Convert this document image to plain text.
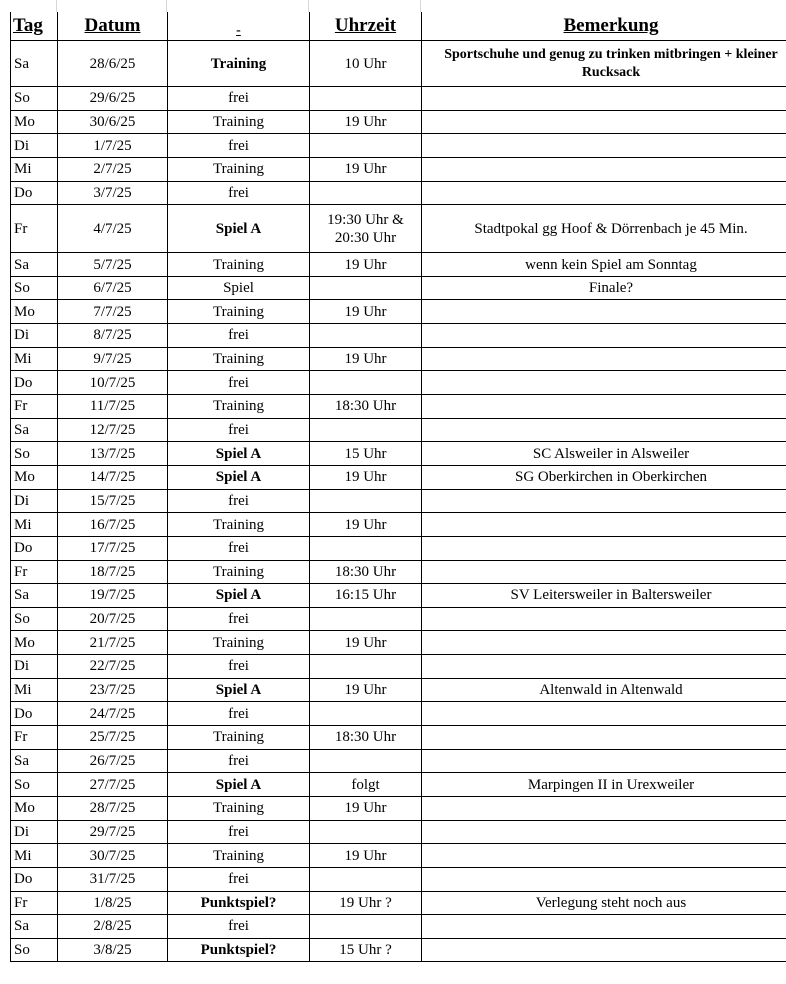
Tag	Datum	-	Uhrzeit	Bemerkung
Sa	28/6/25	Training	10 Uhr	Sportschuhe und genug zu trinken mitbringen + kleiner Rucksack
So	29/6/25	frei		
Mo	30/6/25	Training	19 Uhr	
Di	1/7/25	frei		
Mi	2/7/25	Training	19 Uhr	
Do	3/7/25	frei		
Fr	4/7/25	Spiel A	19:30 Uhr & 20:30 Uhr	Stadtpokal gg Hoof & Dörrenbach je 45 Min.
Sa	5/7/25	Training	19 Uhr	wenn kein Spiel am Sonntag
So	6/7/25	Spiel		Finale?
Mo	7/7/25	Training	19 Uhr	
Di	8/7/25	frei		
Mi	9/7/25	Training	19 Uhr	
Do	10/7/25	frei		
Fr	11/7/25	Training	18:30 Uhr	
Sa	12/7/25	frei		
So	13/7/25	Spiel A	15 Uhr	SC Alsweiler in Alsweiler
Mo	14/7/25	Spiel A	19 Uhr	SG Oberkirchen in Oberkirchen
Di	15/7/25	frei		
Mi	16/7/25	Training	19 Uhr	
Do	17/7/25	frei		
Fr	18/7/25	Training	18:30 Uhr	
Sa	19/7/25	Spiel A	16:15 Uhr	SV Leitersweiler in Baltersweiler
So	20/7/25	frei		
Mo	21/7/25	Training	19 Uhr	
Di	22/7/25	frei		
Mi	23/7/25	Spiel A	19 Uhr	Altenwald in Altenwald
Do	24/7/25	frei		
Fr	25/7/25	Training	18:30 Uhr	
Sa	26/7/25	frei		
So	27/7/25	Spiel A	folgt	Marpingen II in Urexweiler
Mo	28/7/25	Training	19 Uhr	
Di	29/7/25	frei		
Mi	30/7/25	Training	19 Uhr	
Do	31/7/25	frei		
Fr	1/8/25	Punktspiel?	19 Uhr ?	Verlegung steht noch aus
Sa	2/8/25	frei		
So	3/8/25	Punktspiel?	15 Uhr ?	
